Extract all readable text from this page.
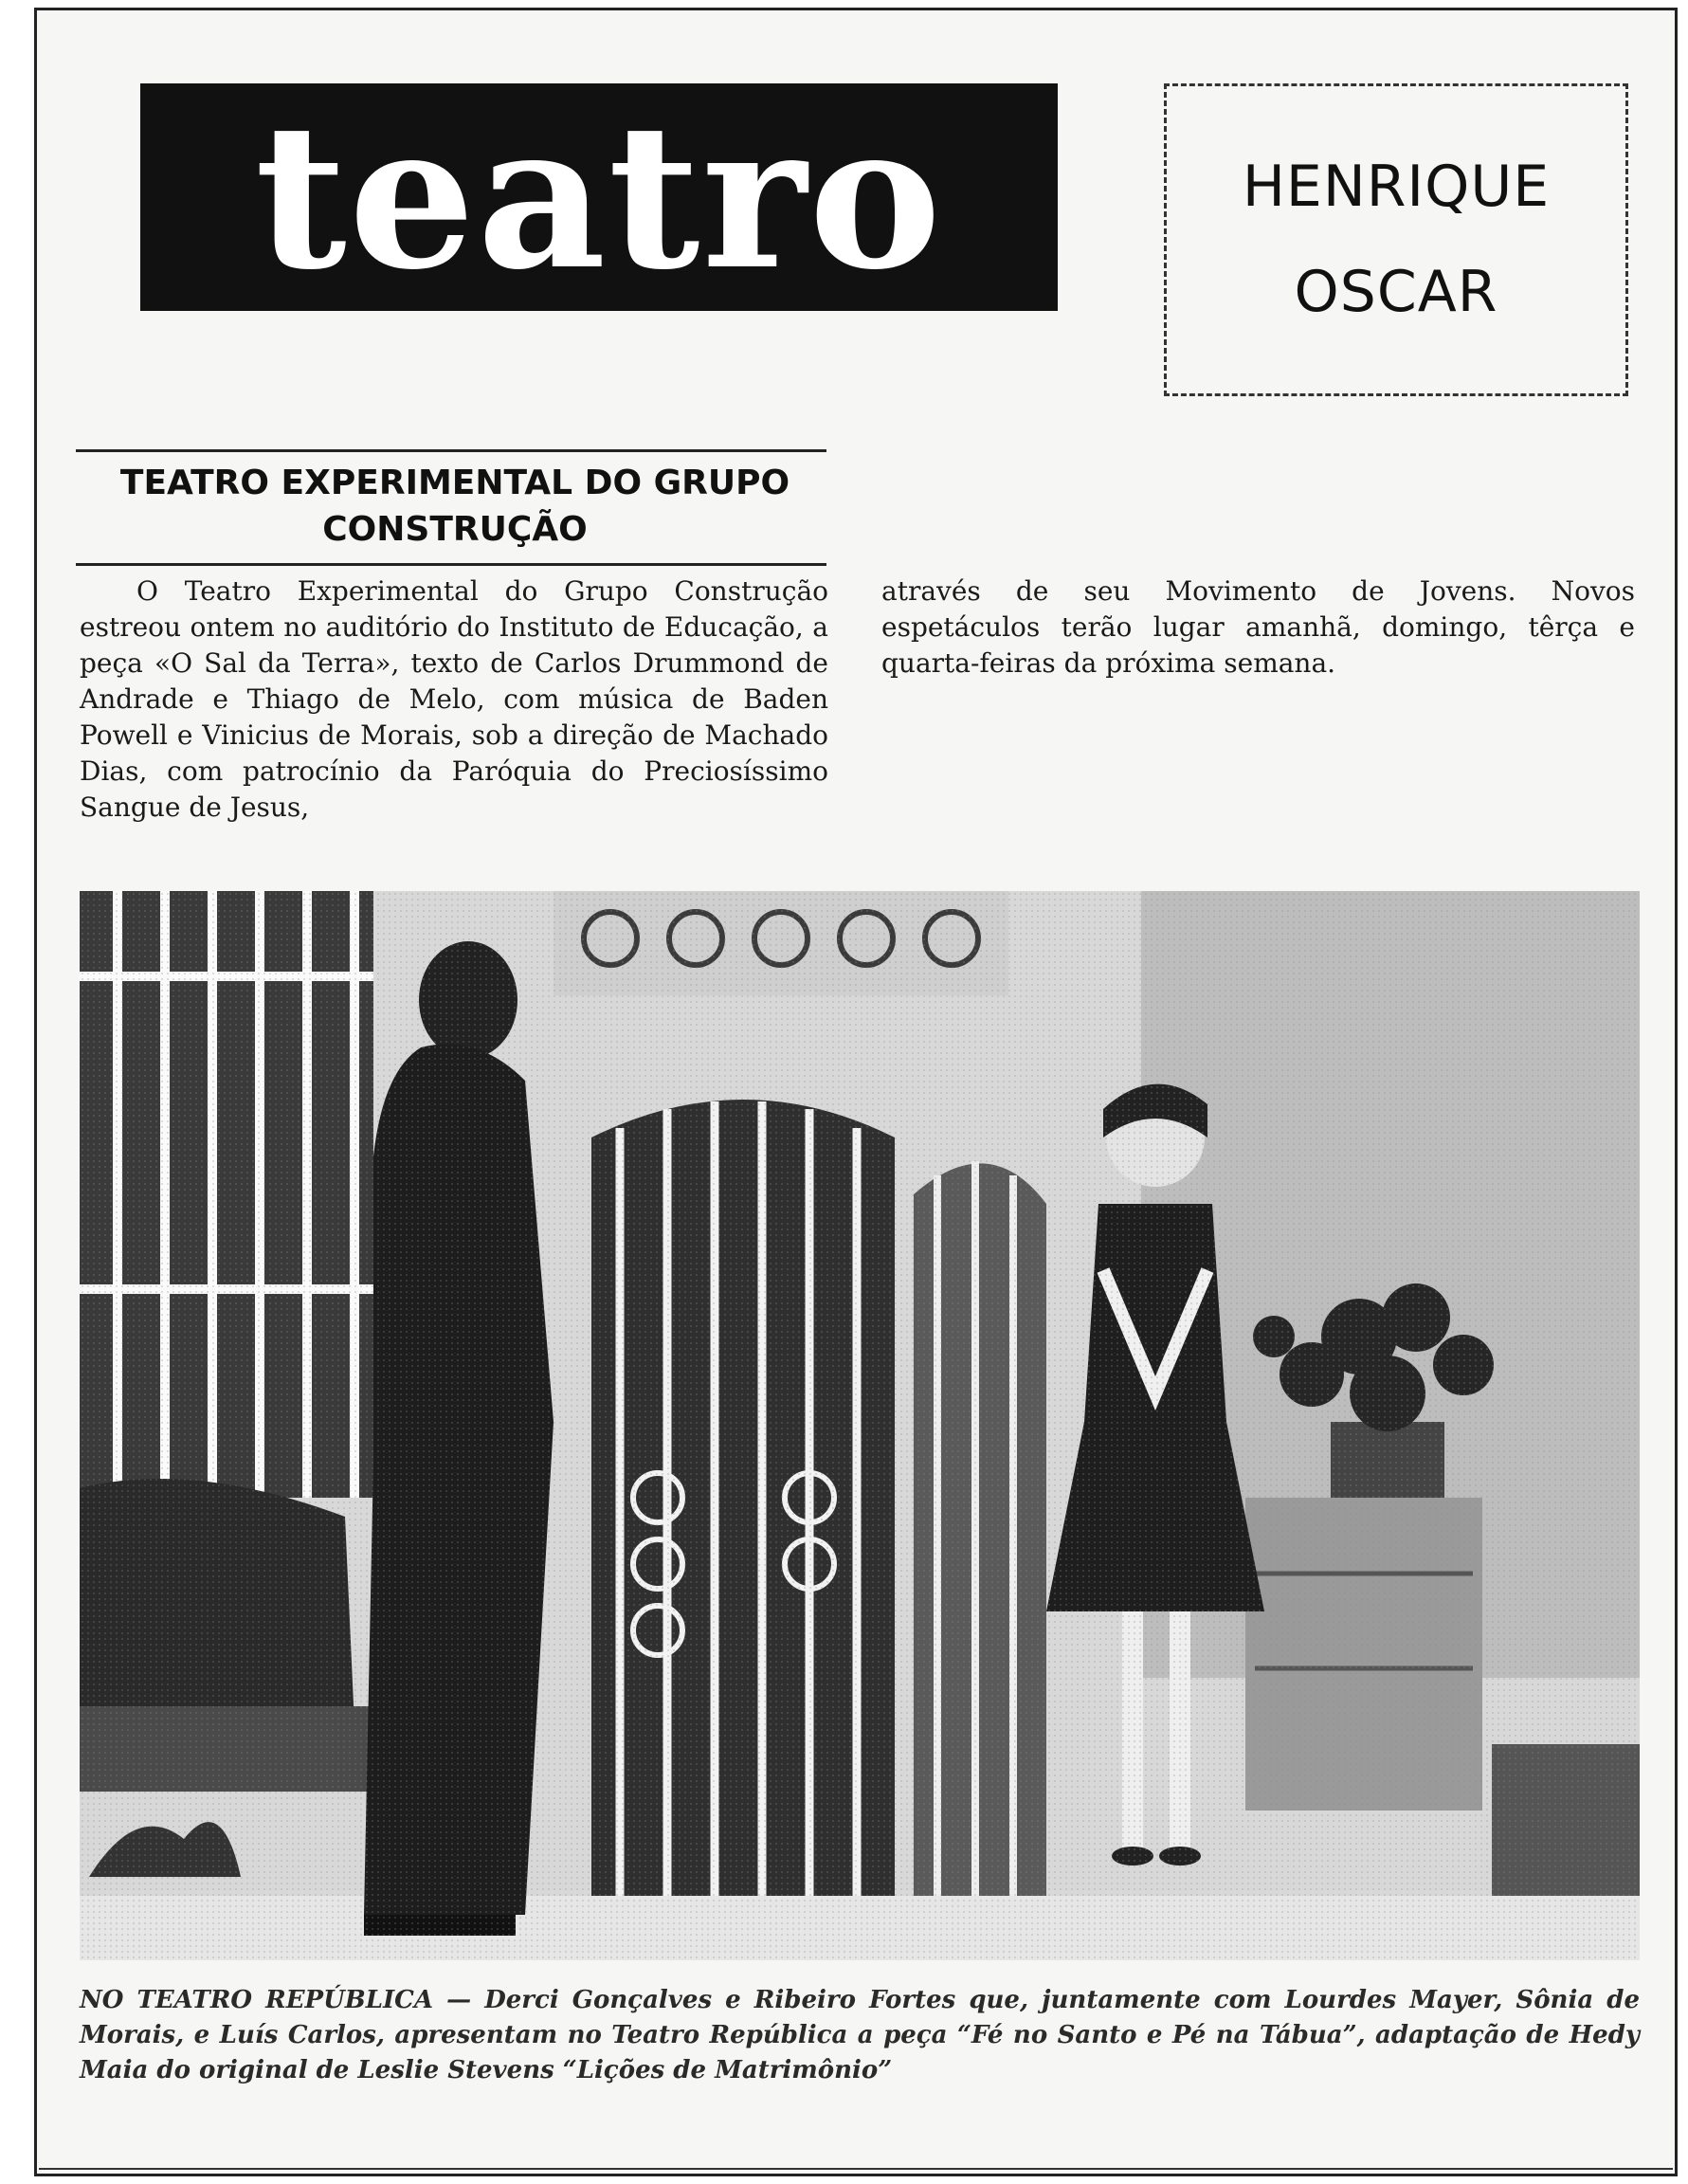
teatro	HENRIQUE
OSCAR
TEATRO EXPERIMENTAL DO GRUPO
CONSTRUÇÃO

O Teatro Experimental do Grupo Construção estreou ontem no auditório do Instituto de Educação, a peça «O Sal da Terra», texto de Carlos Drummond de Andrade e Thiago de Melo, com música de Baden Powell e Vinicius de Morais, sob a direção de Machado Dias, com patrocínio da Paróquia do Preciosíssimo Sangue de Jesus,

através de seu Movimento de Jovens. Novos espetáculos terão lugar amanhã, domingo, têrça e quarta-feiras da próxima semana.

NO TEATRO REPÚBLICA — Derci Gonçalves e Ribeiro Fortes que, juntamente com Lourdes Mayer, Sônia de Morais, e Luís Carlos, apresentam no Teatro República a peça “Fé no Santo e Pé na Tábua”, adaptação de Hedy Maia do original de Leslie Stevens “Lições de Matrimônio”
